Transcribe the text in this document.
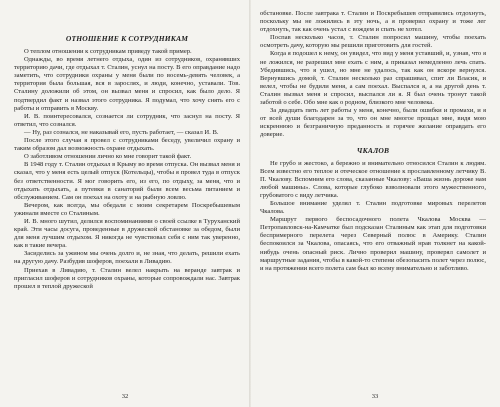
ОТНОШЕНИЕ К СОТРУДНИКАМ

О теплом отношении к сотрудникам приведу такой пример.

Однажды, во время летнего отдыха, один из сотрудников, охранявших территорию дачи, где отдыхал т. Сталин, уснул на посту. В его оправдание надо заметить, что сотрудники охраны у меня были по восемь-девять человек, а территория была большая, вся в зарослях, и люди, конечно, уставали. Тов. Сталину доложили об этом, он вызвал меня и спросил, как было дело. Я подтвердил факт и назвал этого сотрудника. Я подумал, что хочу снять его с работы и отправить в Москву.

И. В. поинтересовался, сознается ли сотрудник, что заснул на посту. Я ответил, что сознался.

— Ну, раз сознался, не наказывай его, пусть работает, — сказал И. В.

После этого случая я провел с сотрудниками беседу, увеличил охрану и таким образом дал возможность охране отдыхать.

О заботливом отношении лично ко мне говорит такой факт.

В 1948 году т. Сталин отдыхал в Крыму во время отпуска. Он вызвал меня и сказал, что у меня есть целый отпуск (Котельцы), чтобы я провел туда в отпуск без ответственности. Я мог говорить его, из его, по отдыху, за меня, что и отдыхать отдыхать, а путевки в санаторий были всем весьма питанием и обслуживанием. Сам он поехал на охоту и на рыбную ловлю.

Вечером, как всегда, мы обедали с моим секретарем Поскребышевым ужинали вместе со Сталиным.

И. В. много шутил, делился воспоминаниями о своей ссылке в Туруханский край. Эти часы досуга, проведенные в дружеской обстановке за обедом, были для меня лучшим отдыхом. Я никогда не чувствовал себя с ним так уверенно, как в такие вечера.

Засиделись за ужином мы очень долго и, не зная, что делать, решили ехать на другую дачу. Разбудив шоферов, поехали в Ливадию.

Приехав в Ливадию, т. Сталин велел накрыть на веранде завтрак и пригласил шоферов и сотрудников охраны, которые сопровождали нас. Завтрак прошел в теплой дружеской

32

обстановке. После завтрака т. Сталин и Поскребышев отправились отдохнуть, поскольку мы не ложились в эту ночь, а я проверил охрану и тоже лег отдохнуть, так как очень устал с вождем и спать не хотел.

Поспав несколько часов, т. Сталин попросил машину, чтобы поехать осмотреть дачу, которую мы решили приготовить для гостей.

Когда я подошел к нему, он увидел, что вид у меня уставший, и, узнав, что я не ложился, не разрешил мне ехать с ним, а приказал немедленно лечь спать. Убедившись, что я ушел, но мне не удалось, так как он вскоре вернулся. Вернувшись домой, т. Сталин несколько раз спрашивал, спит ли Власик, и велел, чтобы не будили меня, а сам поехал. Выспался я, а на другой день т. Сталин вызвал меня и спросил, выспался ли я. Я был очень тронут такой заботой о себе. Обо мне как о родном, близкого мне человека.

За двадцать пять лет работы у меня, конечно, были ошибки и промахи, и я от всей души благодарен за то, что он мне многое прощал мне, видя мою искреннюю и безграничную преданность и горячее желание оправдать его доверие.

ЧКАЛОВ

Не грубо и жестоко, а бережно и внимательно относился Сталин к людям. Всем известно его теплое и отеческое отношение к прославленному летчику В. П. Чкалову. Вспомним его слова, сказанные Чкалову: «Ваша жизнь дороже нам любой машины». Слова, которые глубоко взволновали этого мужественного, грубоватого с виду летчика.

Большое внимание уделял т. Сталин подготовке мировых перелетов Чкалова.

Маршрут первого беспосадочного полета Чкалова Москва — Петропавловск-на-Камчатке был подсказан Сталиным как этап для подготовки беспримерного перелета через Северный полюс в Америку. Сталин беспокоился за Чкалова, опасаясь, что его отважный нрав толкнет на какой-нибудь очень опасный риск. Лично проверил машину, проверял самолет и маршрутные задания, чтобы в какой-то степени обезопасить полет через полюс, и на протяжении всего полета сам был ко всему внимательно и заботливо.

33
